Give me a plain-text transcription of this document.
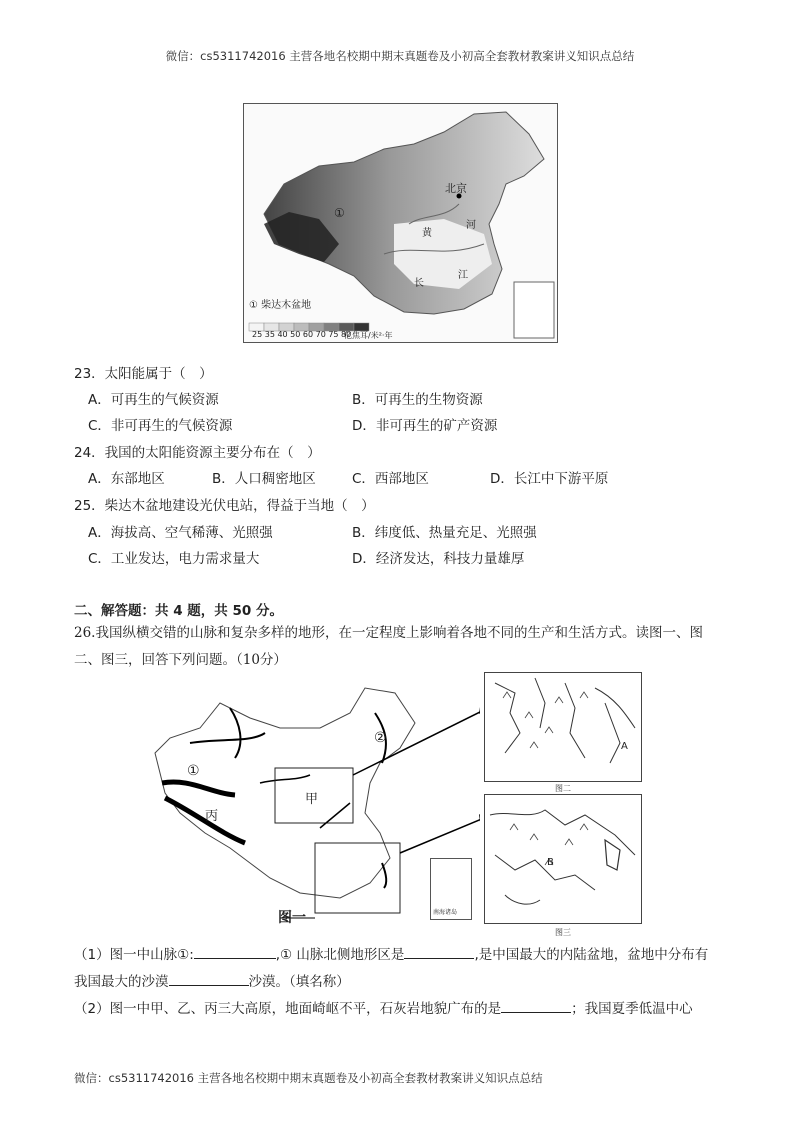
微信：cs5311742016 主营各地名校期中期末真题卷及小初高全套教材教案讲义知识点总结
北京
①
黄
河
长
江
① 柴达木盆地
25 35 40 50 60 70 75 80
亿焦耳/米²·年
23．太阳能属于（　）
A．可再生的气候资源	B．可再生的生物资源
C．非可再生的气候资源	D．非可再生的矿产资源
24．我国的太阳能资源主要分布在（　）
A．东部地区	B．人口稠密地区	C．西部地区	D．长江中下游平原
25．柴达木盆地建设光伏电站，得益于当地（　）
A．海拔高、空气稀薄、光照强	B．纬度低、热量充足、光照强
C．工业发达，电力需求量大	D．经济发达，科技力量雄厚
二、解答题：共 4 题，共 50 分。
26.我国纵横交错的山脉和复杂多样的地形，在一定程度上影响着各地不同的生产和生活方式。读图一、图
二、图三，回答下列问题。（10分）
①
②
甲
丙
图一	南海诸岛
A
图二
B
图三
（1）图一中山脉①:	,① 山脉北侧地形区是	,是中国最大的内陆盆地，盆地中分布有
我国最大的沙漠	沙漠。（填名称）
（2）图一中甲、乙、丙三大高原，地面崎岖不平，石灰岩地貌广布的是	；我国夏季低温中心
微信：cs5311742016 主营各地名校期中期末真题卷及小初高全套教材教案讲义知识点总结
